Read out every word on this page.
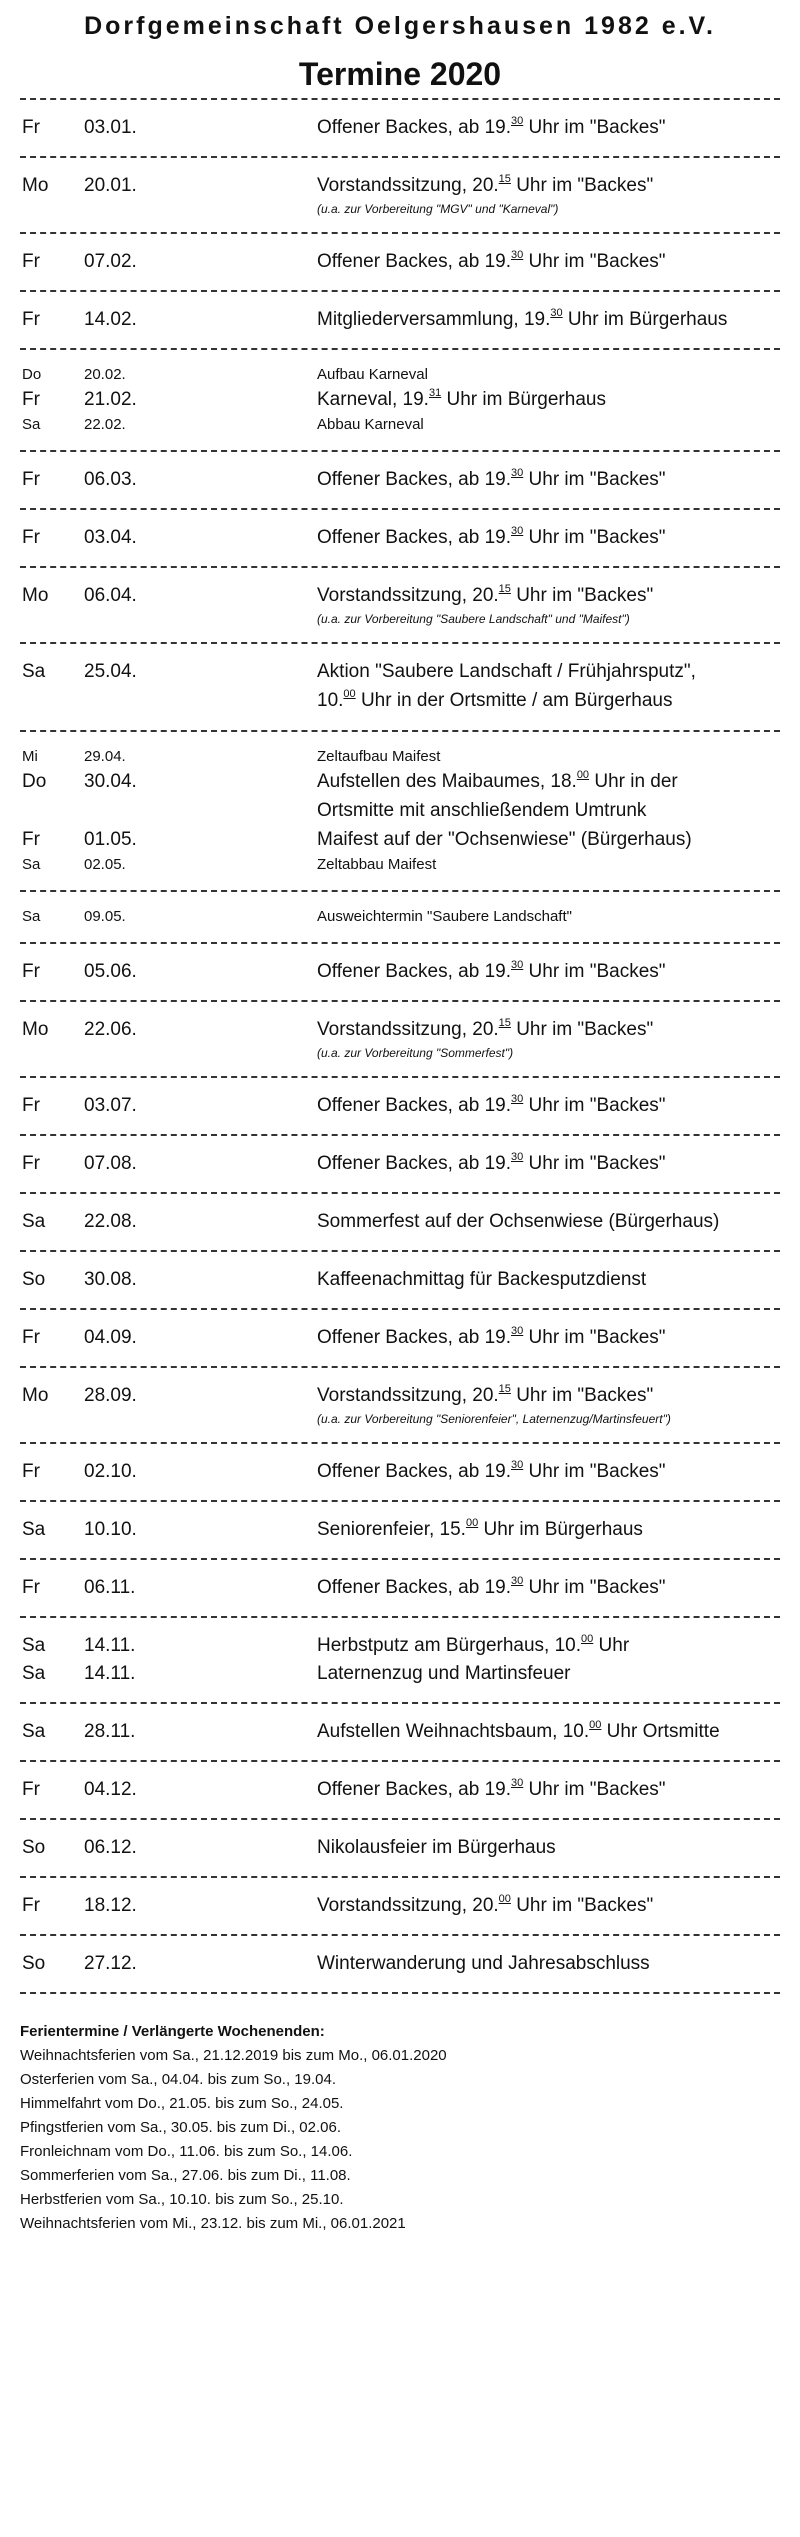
Dorfgemeinschaft Oelgershausen 1982 e.V.
Termine 2020
Fr	03.01.	Offener Backes, ab 19.30 Uhr im "Backes"
Mo	20.01.	Vorstandssitzung, 20.15 Uhr im "Backes"
(u.a. zur Vorbereitung "MGV" und "Karneval")
Fr	07.02.	Offener Backes, ab 19.30 Uhr im "Backes"
Fr	14.02.	Mitgliederversammlung, 19.30 Uhr im Bürgerhaus
Do	20.02.	Aufbau Karneval
Fr	21.02.	Karneval, 19.31 Uhr im Bürgerhaus
Sa	22.02.	Abbau Karneval
Fr	06.03.	Offener Backes, ab 19.30 Uhr im "Backes"
Fr	03.04.	Offener Backes, ab 19.30 Uhr im "Backes"
Mo	06.04.	Vorstandssitzung, 20.15 Uhr im "Backes"
(u.a. zur Vorbereitung "Saubere Landschaft" und "Maifest")
Sa	25.04.	Aktion "Saubere Landschaft / Frühjahrsputz",
10.00 Uhr in der Ortsmitte / am Bürgerhaus
Mi	29.04.	Zeltaufbau Maifest
Do	30.04.	Aufstellen des Maibaumes, 18.00 Uhr in der
Ortsmitte mit anschließendem Umtrunk
Fr	01.05.	Maifest auf der "Ochsenwiese" (Bürgerhaus)
Sa	02.05.	Zeltabbau Maifest
Sa	09.05.	Ausweichtermin "Saubere Landschaft"
Fr	05.06.	Offener Backes, ab 19.30 Uhr im "Backes"
Mo	22.06.	Vorstandssitzung, 20.15 Uhr im "Backes"
(u.a. zur Vorbereitung "Sommerfest")
Fr	03.07.	Offener Backes, ab 19.30 Uhr im "Backes"
Fr	07.08.	Offener Backes, ab 19.30 Uhr im "Backes"
Sa	22.08.	Sommerfest auf der Ochsenwiese (Bürgerhaus)
So	30.08.	Kaffeenachmittag für Backesputzdienst
Fr	04.09.	Offener Backes, ab 19.30 Uhr im "Backes"
Mo	28.09.	Vorstandssitzung, 20.15 Uhr im "Backes"
(u.a. zur Vorbereitung "Seniorenfeier", Laternenzug/Martinsfeuert")
Fr	02.10.	Offener Backes, ab 19.30 Uhr im "Backes"
Sa	10.10.	Seniorenfeier, 15.00 Uhr im Bürgerhaus
Fr	06.11.	Offener Backes, ab 19.30 Uhr im "Backes"
Sa	14.11.	Herbstputz am Bürgerhaus, 10.00 Uhr
Sa	14.11.	Laternenzug und Martinsfeuer
Sa	28.11.	Aufstellen Weihnachtsbaum, 10.00 Uhr Ortsmitte
Fr	04.12.	Offener Backes, ab 19.30 Uhr im "Backes"
So	06.12.	Nikolausfeier im Bürgerhaus
Fr	18.12.	Vorstandssitzung, 20.00 Uhr im "Backes"
So	27.12.	Winterwanderung und Jahresabschluss
Ferientermine / Verlängerte Wochenenden:
Weihnachtsferien vom Sa., 21.12.2019 bis zum Mo., 06.01.2020
Osterferien vom Sa., 04.04. bis zum So., 19.04.
Himmelfahrt vom Do., 21.05. bis zum So., 24.05.
Pfingstferien vom Sa., 30.05. bis zum Di., 02.06.
Fronleichnam vom Do., 11.06. bis zum So., 14.06.
Sommerferien vom Sa., 27.06. bis zum Di., 11.08.
Herbstferien vom Sa., 10.10. bis zum So., 25.10.
Weihnachtsferien vom Mi., 23.12. bis zum Mi., 06.01.2021
